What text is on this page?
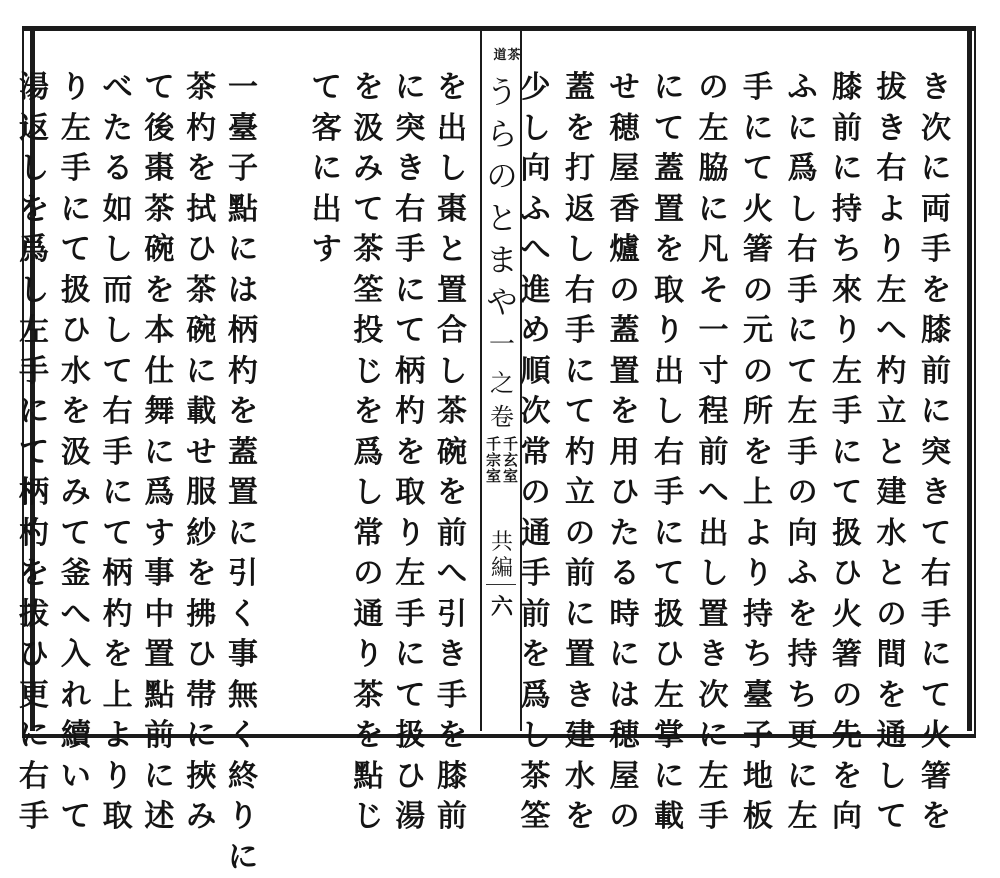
き
次
に
両
手
を
膝
前
に
突
き
て
右
手
に
て
火
箸
を
拔
き
右
よ
り
左
へ
杓
立
と
建
水
と
の
間
を
通
し
て
膝
前
に
持
ち
來
り
左
手
に
て
扱
ひ
火
箸
の
先
を
向
ふ
に
爲
し
右
手
に
て
左
手
の
向
ふ
を
持
ち
更
に
左
手
に
て
火
箸
の
元
の
所
を
上
よ
り
持
ち
臺
子
地
板
の
左
脇
に
凡
そ
一
寸
程
前
へ
出
し
置
き
次
に
左
手
に
て
蓋
置
を
取
り
出
し
右
手
に
て
扱
ひ
左
掌
に
載
せ
穂
屋
香
爐
の
蓋
置
を
用
ひ
た
る
時
に
は
穂
屋
の
蓋
を
打
返
し
右
手
に
て
杓
立
の
前
に
置
き
建
水
を
少
し
向
ふ
へ
進
め
順
次
常
の
通
手
前
を
爲
し
茶
筌
を
出
し
棗
と
置
合
し
茶
碗
を
前
へ
引
き
手
を
膝
前
に
突
き
右
手
に
て
柄
杓
を
取
り
左
手
に
て
扱
ひ
湯
を
汲
み
て
茶
筌
投
じ
を
爲
し
常
の
通
り
茶
を
點
じ
て
客
に
出
す
一
臺
子
點
に
は
柄
杓
を
蓋
置
に
引
く
事
無
く
終
り
に
茶
杓
を
拭
ひ
茶
碗
に
載
せ
服
紗
を
拂
ひ
帯
に
挾
み
て
後
棗
茶
碗
を
本
仕
舞
に
爲
す
事
中
置
點
前
に
述
べ
た
る
如
し
而
し
て
右
手
に
て
柄
杓
を
上
よ
り
取
り
左
手
に
て
扱
ひ
水
を
汲
み
て
釜
へ
入
れ
續
い
て
湯
返
し
を
爲
し
左
手
に
て
柄
杓
を
拔
ひ
更
に
右
手
茶
道
う
ら
の
と
ま
や
一
之
卷
千
玄
室
千
宗
室
共
編
六
